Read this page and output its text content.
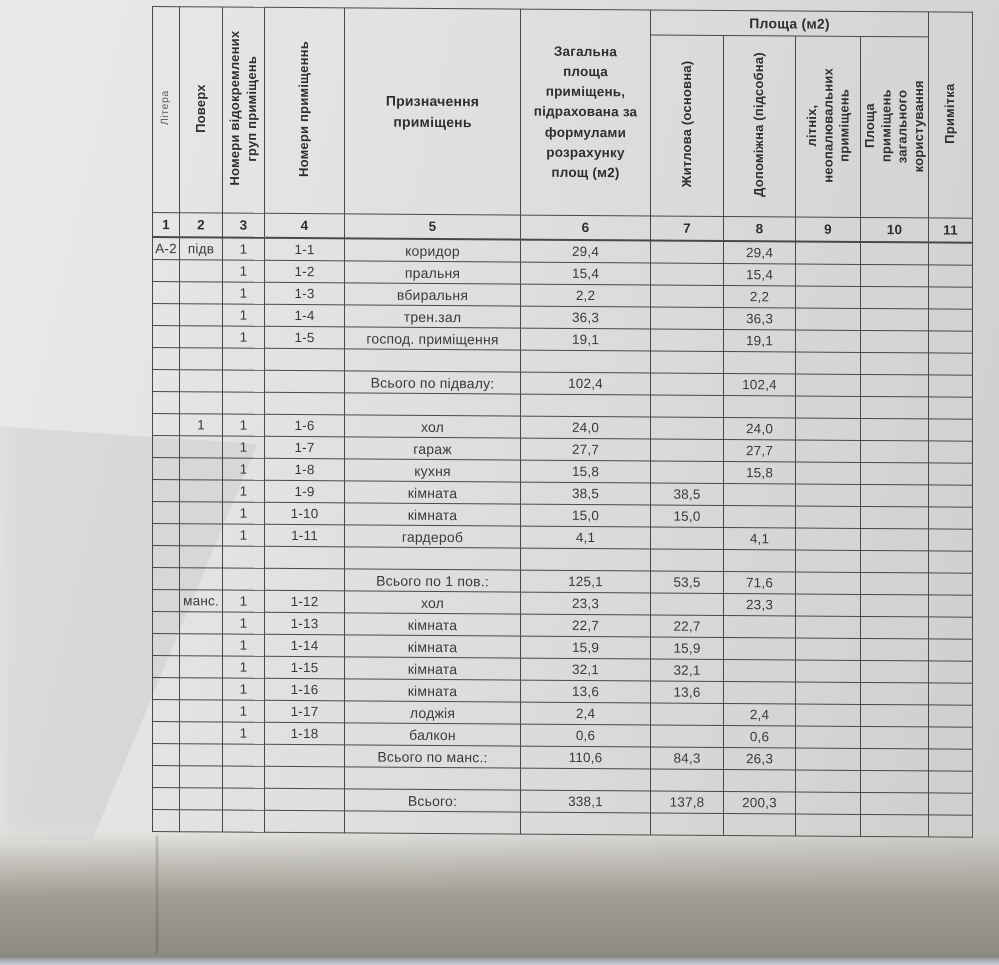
Літера	Поверх	Номери відокремлених груп приміщень	Номери приміщеннь	Призначення приміщень	Загальна площа приміщень, підрахована за формулами розрахунку площ (м2)	Площа (м2)				Примітка
						Житлова (основна)	Допоміжна (підсобна)	літніх, неопалювальних приміщень	Площа приміщень загального користування	
1	2	3	4	5	6	7	8	9	10	11
А-2	підв	1	1-1	коридор	29,4		29,4			
		1	1-2	пральня	15,4		15,4			
		1	1-3	вбиральня	2,2		2,2			
		1	1-4	трен.зал	36,3		36,3			
		1	1-5	господ. приміщення	19,1		19,1			

				Всього по підвалу:	102,4		102,4			

	1	1	1-6	хол	24,0		24,0			
		1	1-7	гараж	27,7		27,7			
		1	1-8	кухня	15,8		15,8			
		1	1-9	кімната	38,5	38,5				
		1	1-10	кімната	15,0	15,0				
		1	1-11	гардероб	4,1		4,1			

				Всього по 1 пов.:	125,1	53,5	71,6			
	манс.	1	1-12	хол	23,3		23,3			
		1	1-13	кімната	22,7	22,7				
		1	1-14	кімната	15,9	15,9				
		1	1-15	кімната	32,1	32,1				
		1	1-16	кімната	13,6	13,6				
		1	1-17	лоджія	2,4		2,4			
		1	1-18	балкон	0,6		0,6			
				Всього по манс.:	110,6	84,3	26,3			

				Всього:	338,1	137,8	200,3			
